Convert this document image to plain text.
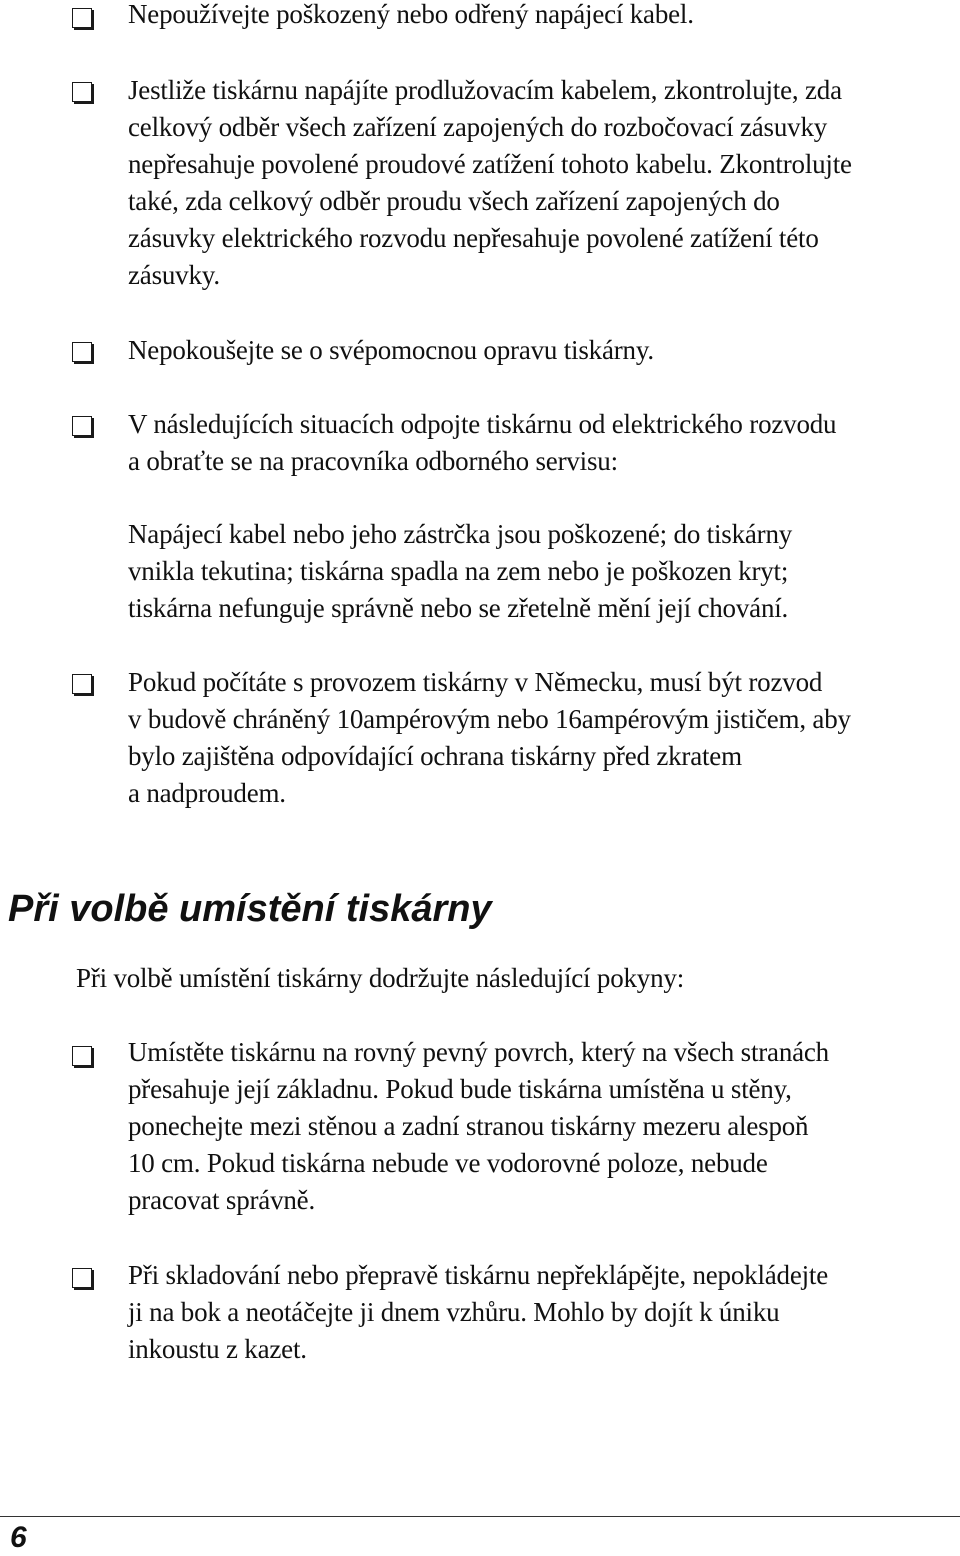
Nepoužívejte poškozený nebo odřený napájecí kabel.
Jestliže tiskárnu napájíte prodlužovacím kabelem, zkontrolujte, zda
celkový odběr všech zařízení zapojených do rozbočovací zásuvky
nepřesahuje povolené proudové zatížení tohoto kabelu. Zkontrolujte
také, zda celkový odběr proudu všech zařízení zapojených do
zásuvky elektrického rozvodu nepřesahuje povolené zatížení této
zásuvky.
Nepokoušejte se o svépomocnou opravu tiskárny.
V následujících situacích odpojte tiskárnu od elektrického rozvodu
a obraťte se na pracovníka odborného servisu:
Napájecí kabel nebo jeho zástrčka jsou poškozené; do tiskárny
vnikla tekutina; tiskárna spadla na zem nebo je poškozen kryt;
tiskárna nefunguje správně nebo se zřetelně mění její chování.
Pokud počítáte s provozem tiskárny v Německu, musí být rozvod
v budově chráněný 10ampérovým nebo 16ampérovým jističem, aby
bylo zajištěna odpovídající ochrana tiskárny před zkratem
a nadproudem.
Při volbě umístění tiskárny
Při volbě umístění tiskárny dodržujte následující pokyny:
Umístěte tiskárnu na rovný pevný povrch, který na všech stranách
přesahuje její základnu. Pokud bude tiskárna umístěna u stěny,
ponechejte mezi stěnou a zadní stranou tiskárny mezeru alespoň
10 cm. Pokud tiskárna nebude ve vodorovné poloze, nebude
pracovat správně.
Při skladování nebo přepravě tiskárnu nepřeklápějte, nepokládejte
ji na bok a neotáčejte ji dnem vzhůru. Mohlo by dojít k úniku
inkoustu z kazet.
6
